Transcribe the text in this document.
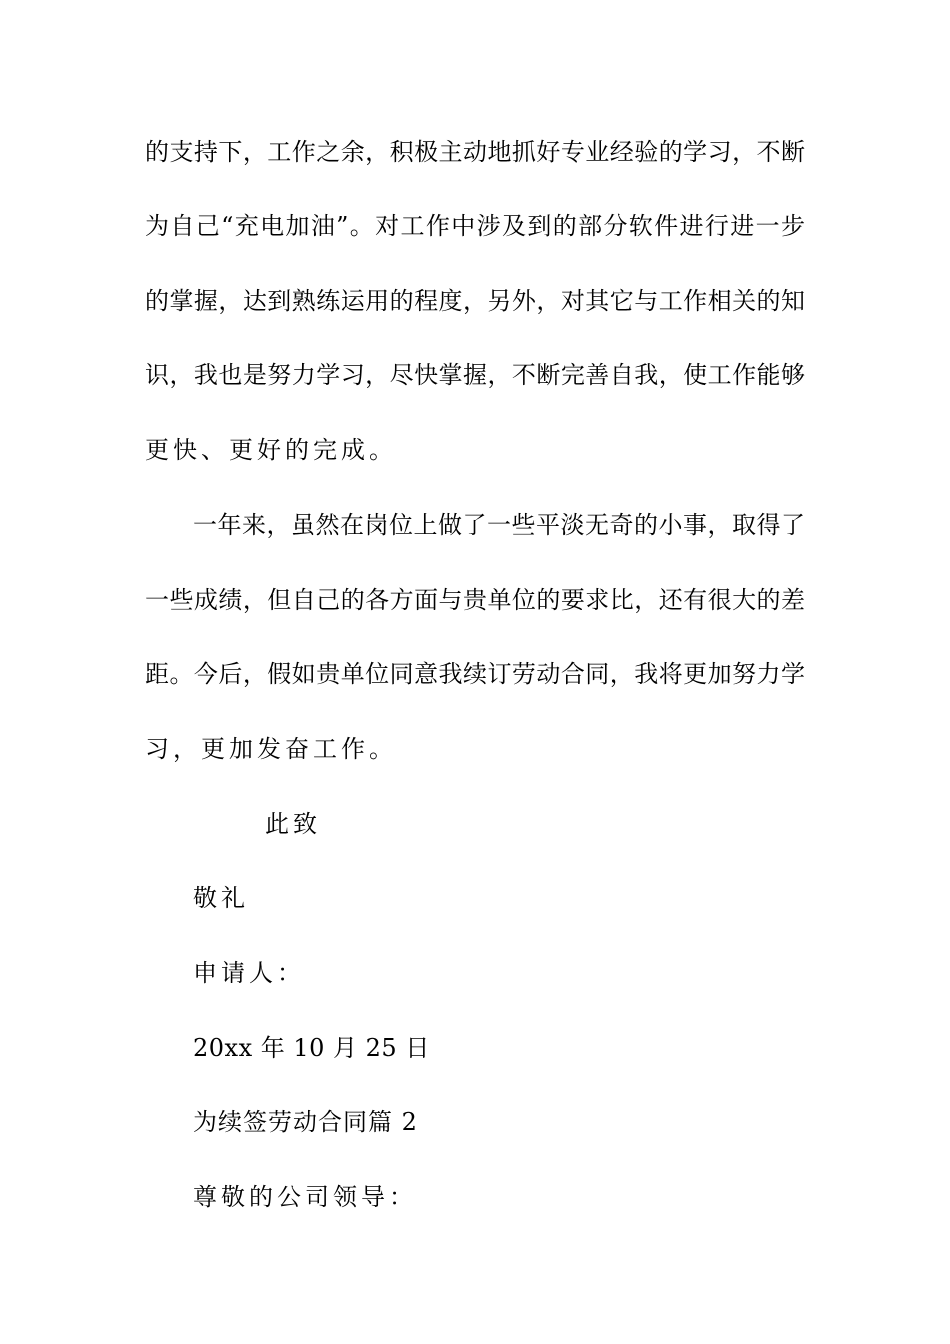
的支持下，工作之余，积极主动地抓好专业经验的学习，不断
为自己“充电加油”。对工作中涉及到的部分软件进行进一步
的掌握，达到熟练运用的程度，另外，对其它与工作相关的知
识，我也是努力学习，尽快掌握，不断完善自我，使工作能够
更快、更好的完成。
一年来，虽然在岗位上做了一些平淡无奇的小事，取得了
一些成绩，但自己的各方面与贵单位的要求比，还有很大的差
距。今后，假如贵单位同意我续订劳动合同，我将更加努力学
习，更加发奋工作。
此致
敬礼
申请人：
20xx 年 10 月 25 日
为续签劳动合同篇 2
尊敬的公司领导：
